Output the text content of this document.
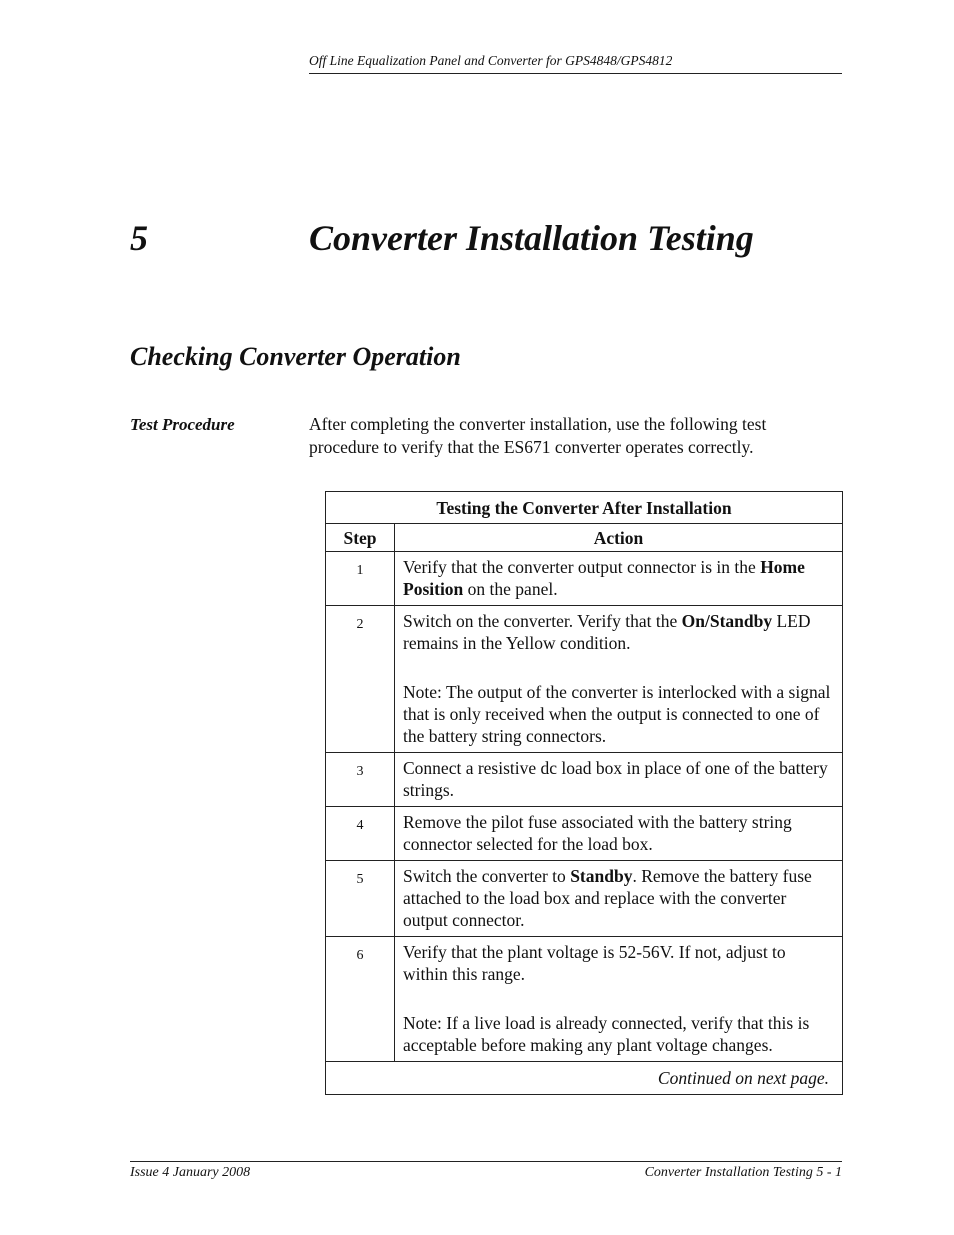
Off Line Equalization Panel and Converter for GPS4848/GPS4812
5	Converter Installation Testing
Checking Converter Operation
Test Procedure	After completing the converter installation, use the following test procedure to verify that the ES671 converter operates correctly.
Testing the Converter After Installation	
Step	Action
1	Verify that the converter output connector is in the Home Position on the panel.

2	Switch on the converter. Verify that the On/Standby LED remains in the Yellow condition.

Note: The output of the converter is interlocked with a signal that is only received when the output is connected to one of the battery string connectors.

3	Connect a resistive dc load box in place of one of the battery strings.

4	Remove the pilot fuse associated with the battery string connector selected for the load box.

5	Switch the converter to Standby. Remove the battery fuse attached to the load box and replace with the converter output connector.

6	Verify that the plant voltage is 52-56V. If not, adjust to within this range.

Note: If a live load is already connected, verify that this is acceptable before making any plant voltage changes.

Continued on next page.	
Issue 4 January 2008	Converter Installation Testing 5 - 1
